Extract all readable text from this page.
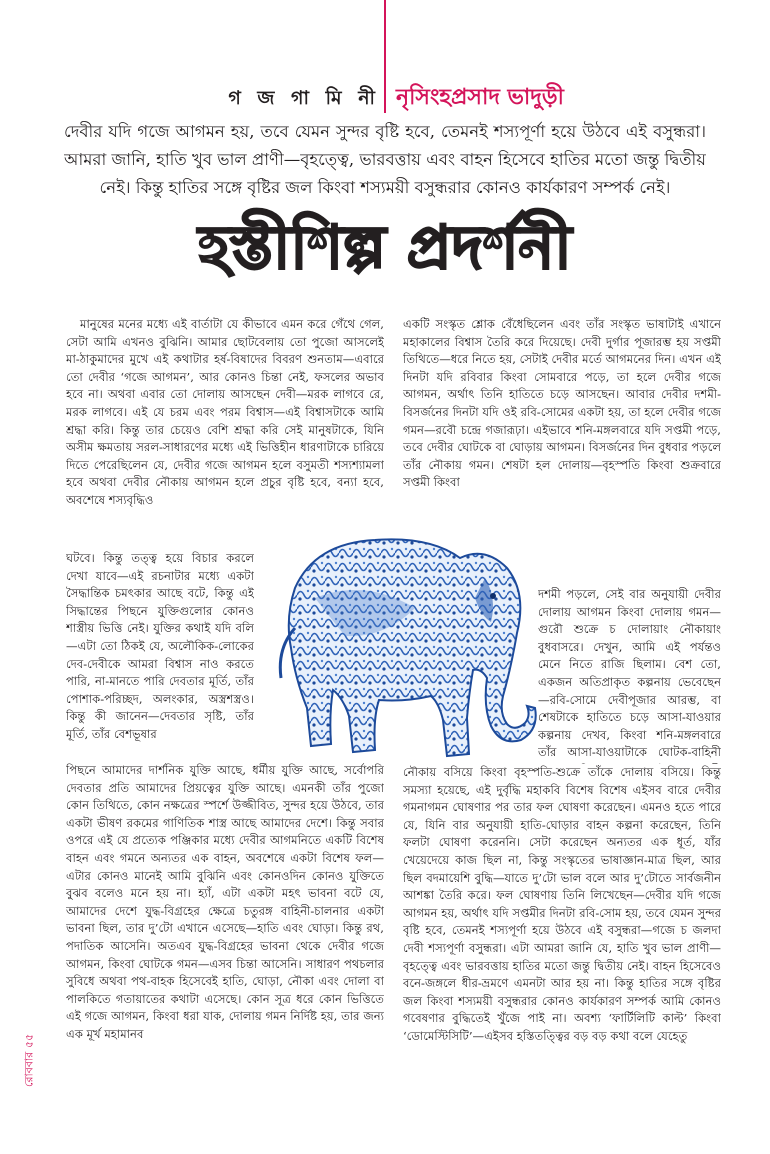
গ জ গা মি নী নৃসিংহপ্রসাদ ভাদুড়ী
দেবীর যদি গজে আগমন হয়, তবে যেমন সুন্দর বৃষ্টি হবে, তেমনই শস্যপূর্ণা হয়ে উঠবে এই বসুন্ধরা। আমরা জানি, হাতি খুব ভাল প্রাণী—বৃহত্ত্বে, ভারবত্তায় এবং বাহন হিসেবে হাতির মতো জন্তু দ্বিতীয় নেই। কিন্তু হাতির সঙ্গে বৃষ্টির জল কিংবা শস্যময়ী বসুন্ধরার কোনও কার্যকারণ সম্পর্ক নেই।
হস্তীশিল্প প্রদর্শনী

মানুষের মনের মধ্যে এই বার্তাটা যে কীভাবে এমন করে গেঁথে গেল, সেটা আমি এখনও বুঝিনি। আমার ছোটবেলায় তো পুজো আসলেই মা-ঠাকুমাদের মুখে এই কথাটার হর্ষ-বিষাদের বিবরণ শুনতাম—এবারে তো দেবীর ‘গজে আগমন’, আর কোনও চিন্তা নেই, ফসলের অভাব হবে না। অথবা এবার তো দোলায় আসছেন দেবী—মরক লাগবে রে, মরক লাগবে। এই যে চরম এবং পরম বিশ্বাস—এই বিশ্বাসটাকে আমি শ্রদ্ধা করি। কিন্তু তার চেয়েও বেশি শ্রদ্ধা করি সেই মানুষটাকে, যিনি অসীম ক্ষমতায় সরল-সাধারণের মধ্যে এই ভিত্তিহীন ধারণাটাকে চারিয়ে দিতে পেরেছিলেন যে, দেবীর গজে আগমন হলে বসুমতী শস্যশ্যামলা হবে অথবা দেবীর নৌকায় আগমন হলে প্রচুর বৃষ্টি হবে, বন্যা হবে, অবশেষে শস্যবৃদ্ধিও

ঘটবে। কিন্তু তত্ত্ব হয়ে বিচার করলে দেখা যাবে—এই রচনাটার মধ্যে একটা সৈদ্ধান্তিক চমৎকার আছে বটে, কিন্তু এই সিদ্ধান্তের পিছনে যুক্তিগুলোর কোনও শাস্ত্রীয় ভিত্তি নেই। যুক্তির কথাই যদি বলি—এটা তো ঠিকই যে, অলৌকিক-লোকের দেব-দেবীকে আমরা বিশ্বাস নাও করতে পারি, না-মানতে পারি দেবতার মূর্তি, তাঁর পোশাক-পরিচ্ছদ, অলংকার, অস্ত্রশস্ত্রও। কিন্তু কী জানেন—দেবতার সৃষ্টি, তাঁর মূর্তি, তাঁর বেশভূষার

পিছনে আমাদের দার্শনিক যুক্তি আছে, ধর্মীয় যুক্তি আছে, সর্বোপরি দেবতার প্রতি আমাদের প্রিয়ত্বের যুক্তি আছে। এমনকী তাঁর পুজো কোন তিথিতে, কোন নক্ষত্রের স্পর্শে উজ্জীবিত, সুন্দর হয়ে উঠবে, তার একটা ভীষণ রকমের গাণিতিক শাস্ত্র আছে আমাদের দেশে। কিন্তু সবার ওপরে এই যে প্রত্যেক পঞ্জিকার মধ্যে দেবীর আগমনিতে একটি বিশেষ বাহন এবং গমনে অন্যতর এক বাহন, অবশেষে একটা বিশেষ ফল—এটার কোনও মানেই আমি বুঝিনি এবং কোনওদিন কোনও যুক্তিতে বুঝব বলেও মনে হয় না। হ্যাঁ, এটা একটা মহৎ ভাবনা বটে যে, আমাদের দেশে যুদ্ধ-বিগ্রহের ক্ষেত্রে চতুরঙ্গ বাহিনী-চালনার একটা ভাবনা ছিল, তার দু’টো এখানে এসেছে—হাতি এবং ঘোড়া। কিন্তু রথ, পদাতিক আসেনি। অতএব যুদ্ধ-বিগ্রহের ভাবনা থেকে দেবীর গজে আগমন, কিংবা ঘোটকে গমন—এসব চিন্তা আসেনি। সাধারণ পথচলার সুবিধে অথবা পথ-বাহক হিসেবেই হাতি, ঘোড়া, নৌকা এবং দোলা বা পালকিতে গতায়াতের কথাটা এসেছে। কোন সূত্র ধরে কোন ভিত্তিতে এই গজে আগমন, কিংবা ধরা যাক, দোলায় গমন নির্দিষ্ট হয়, তার জন্য এক মূর্খ মহামানব

একটি সংস্কৃত শ্লোক বেঁধেছিলেন এবং তাঁর সংস্কৃত ভাষাটাই এখানে মহাকালের বিশ্বাস তৈরি করে দিয়েছে। দেবী দুর্গার পূজারম্ভ হয় সপ্তমী তিথিতে—ধরে নিতে হয়, সেটাই দেবীর মর্তে আগমনের দিন। এখন এই দিনটা যদি রবিবার কিংবা সোমবারে পড়ে, তা হলে দেবীর গজে আগমন, অর্থাৎ তিনি হাতিতে চড়ে আসছেন। আবার দেবীর দশমী-বিসর্জনের দিনটা যদি ওই রবি-সোমের একটা হয়, তা হলে দেবীর গজে গমন—রবৌ চন্দ্রে গজারূঢ়া। এইভাবে শনি-মঙ্গলবারে যদি সপ্তমী পড়ে, তবে দেবীর ঘোটকে বা ঘোড়ায় আগমন। বিসর্জনের দিন বুধবার পড়লে তাঁর নৌকায় গমন। শেষটা হল দোলায়—বৃহস্পতি কিংবা শুক্রবারে সপ্তমী কিংবা

দশমী পড়লে, সেই বার অনুযায়ী দেবীর দোলায় আগমন কিংবা দোলায় গমন—গুরৌ শুক্রে চ দোলায়াং নৌকায়াং বুধবাসরে। দেখুন, আমি এই পর্যন্তও মেনে নিতে রাজি ছিলাম। বেশ তো, একজন অতিপ্রাকৃত কল্পনায় ভেবেছেন—রবি-সোমে দেবীপূজার আরম্ভ, বা শেষটাকে হাতিতে চড়ে আসা-যাওয়ার কল্পনায় দেখব, কিংবা শনি-মঙ্গলবারে তাঁর আসা-যাওয়াটাকে ঘোটক-বাহিনী

নৌকায় বসিয়ে কিংবা বৃহস্পতি-শুক্রে তাঁকে দোলায় বসিয়ে। কিন্তু সমস্যা হয়েছে, এই দুর্বৃদ্ধি মহাকবি বিশেষ বিশেষ এইসব বারে দেবীর গমনাগমন ঘোষণার পর তার ফল ঘোষণা করেছেন। এমনও হতে পারে যে, যিনি বার অনুযায়ী হাতি-ঘোড়ার বাহন কল্পনা করেছেন, তিনি ফলটা ঘোষণা করেননি। সেটা করেছেন অন্যতর এক ধূর্ত, যাঁর খেয়েদেয়ে কাজ ছিল না, কিন্তু সংস্কৃতের ভাষাজ্ঞান-মাত্র ছিল, আর ছিল বদমায়েশি বুদ্ধি—যাতে দু’টো ভাল বলে আর দু’টোতে সার্বজনীন আশঙ্কা তৈরি করে। ফল ঘোষণায় তিনি লিখেছেন—দেবীর যদি গজে আগমন হয়, অর্থাৎ যদি সপ্তমীর দিনটা রবি-সোম হয়, তবে যেমন সুন্দর বৃষ্টি হবে, তেমনই শস্যপূর্ণা হয়ে উঠবে এই বসুন্ধরা—গজে চ জলদা দেবী শস্যপূর্ণা বসুন্ধরা। এটা আমরা জানি যে, হাতি খুব ভাল প্রাণী—বৃহত্ত্বে এবং ভারবত্তায় হাতির মতো জন্তু দ্বিতীয় নেই। বাহন হিসেবেও বনে-জঙ্গলে ধীর-ভ্রমণে এমনটা আর হয় না। কিন্তু হাতির সঙ্গে বৃষ্টির জল কিংবা শস্যময়ী বসুন্ধরার কোনও কার্যকারণ সম্পর্ক আমি কোনও গবেষণার বুদ্ধিতেই খুঁজে পাই না। অবশ্য ‘ফার্টিলিটি কাল্ট’ কিংবা ‘ডোমেস্টিসিটি’—এইসব হস্তিতত্ত্বির বড় বড় কথা বলে যেহেতু

রোববার
৫৫
